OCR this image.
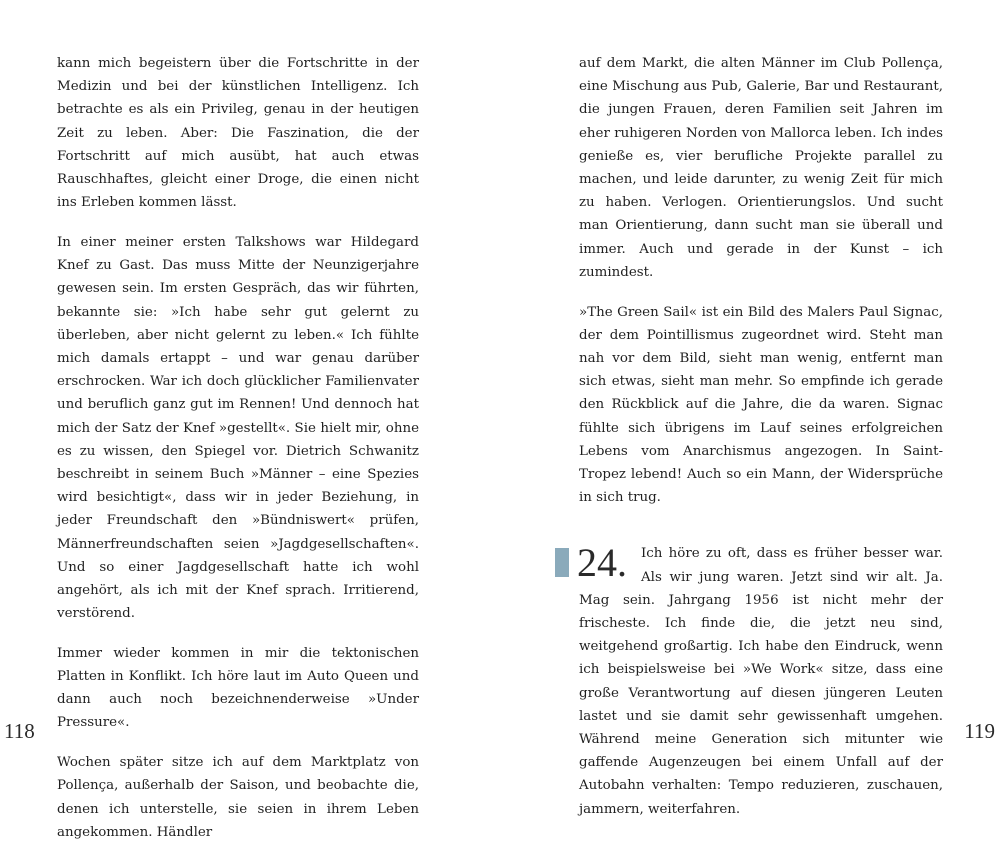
kann mich begeistern über die Fortschritte in der Medizin und bei der künstlichen Intelligenz. Ich betrachte es als ein Privileg, genau in der heutigen Zeit zu leben. Aber: Die Faszination, die der Fortschritt auf mich ausübt, hat auch etwas Rauschhaftes, gleicht einer Droge, die einen nicht ins Erleben kommen lässt.

In einer meiner ersten Talkshows war Hildegard Knef zu Gast. Das muss Mitte der Neunzigerjahre gewesen sein. Im ersten Gespräch, das wir führten, bekannte sie: »Ich habe sehr gut gelernt zu überleben, aber nicht gelernt zu leben.« Ich fühlte mich damals ertappt – und war genau darüber erschrocken. War ich doch glücklicher Familienvater und beruflich ganz gut im Rennen! Und dennoch hat mich der Satz der Knef »gestellt«. Sie hielt mir, ohne es zu wissen, den Spiegel vor. Dietrich Schwanitz beschreibt in seinem Buch »Männer – eine Spezies wird besichtigt«, dass wir in jeder Beziehung, in jeder Freundschaft den »Bündniswert« prüfen, Männerfreundschaften seien »Jagdgesellschaften«. Und so einer Jagdgesellschaft hatte ich wohl angehört, als ich mit der Knef sprach. Irritierend, verstörend.

Immer wieder kommen in mir die tektonischen Platten in Konflikt. Ich höre laut im Auto Queen und dann auch noch bezeichnenderweise »Under Pressure«.

Wochen später sitze ich auf dem Marktplatz von Pollença, außerhalb der Saison, und beobachte die, denen ich unterstelle, sie seien in ihrem Leben angekommen. Händler

auf dem Markt, die alten Männer im Club Pollença, eine Mischung aus Pub, Galerie, Bar und Restaurant, die jungen Frauen, deren Familien seit Jahren im eher ruhigeren Norden von Mallorca leben. Ich indes genieße es, vier berufliche Projekte parallel zu machen, und leide darunter, zu wenig Zeit für mich zu haben. Verlogen. Orientierungslos. Und sucht man Orientierung, dann sucht man sie überall und immer. Auch und gerade in der Kunst – ich zumindest.

»The Green Sail« ist ein Bild des Malers Paul Signac, der dem Pointillismus zugeordnet wird. Steht man nah vor dem Bild, sieht man wenig, entfernt man sich etwas, sieht man mehr. So empfinde ich gerade den Rückblick auf die Jahre, die da waren. Signac fühlte sich übrigens im Lauf seines erfolgreichen Lebens vom Anarchismus angezogen. In Saint-Tropez lebend! Auch so ein Mann, der Widersprüche in sich trug.

24.	Ich höre zu oft, dass es früher besser war. Als wir jung waren. Jetzt sind wir alt. Ja. Mag sein. Jahrgang 1956 ist nicht mehr der frischeste. Ich finde die, die jetzt neu sind, weitgehend großartig. Ich habe den Eindruck, wenn ich beispielsweise bei »We Work« sitze, dass eine große Verantwortung auf diesen jüngeren Leuten lastet und sie damit sehr gewissenhaft umgehen. Während meine Generation sich mitunter wie gaffende Augenzeugen bei einem Unfall auf der Autobahn verhalten: Tempo reduzieren, zuschauen, jammern, weiterfahren.

118	119
